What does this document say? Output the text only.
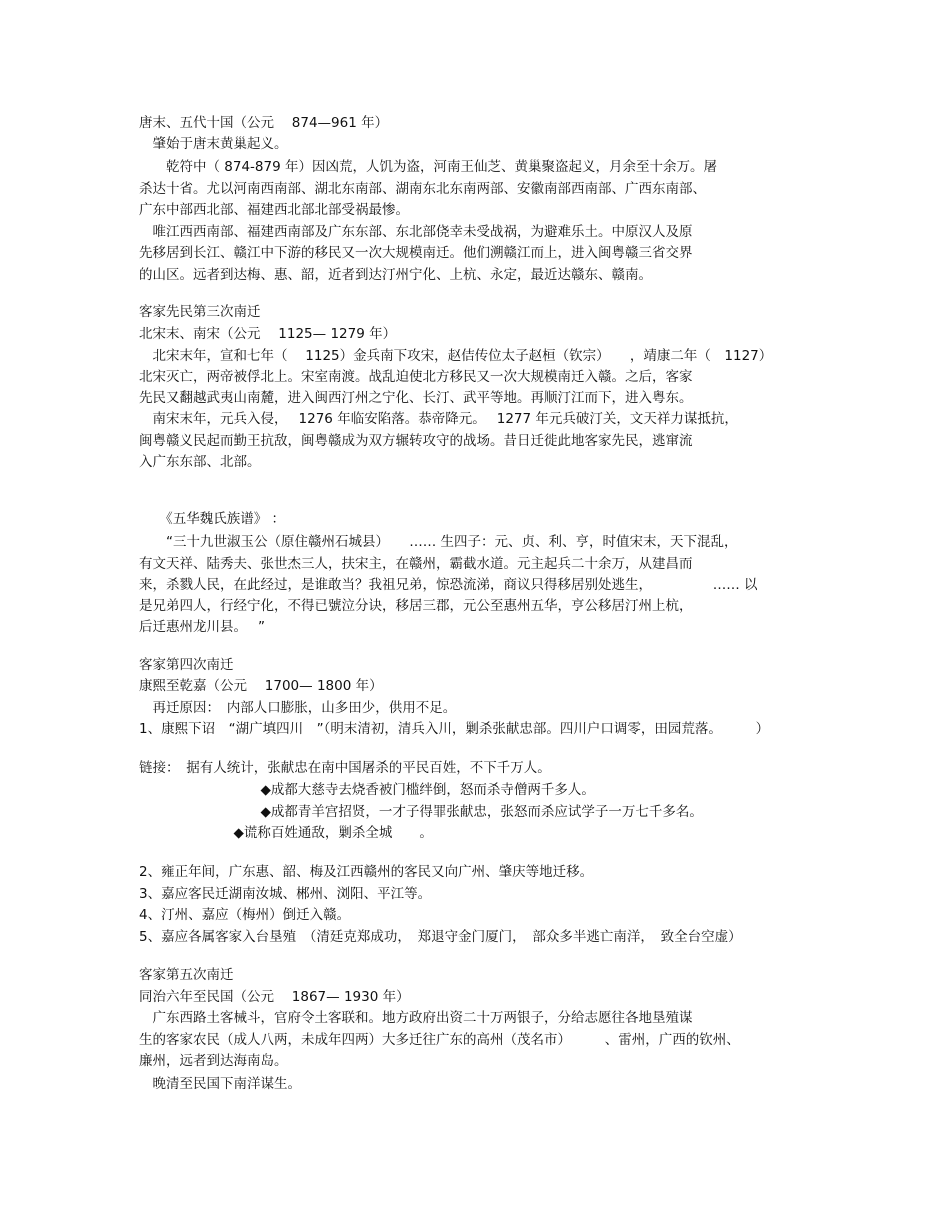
唐末、五代十国（公元　 874—961 年）
　肇始于唐末黄巢起义。
　　乾符中（ 874-879 年）因凶荒，人饥为盗，河南王仙芝、黄巢聚盗起义，月余至十余万。屠
杀达十省。尤以河南西南部、湖北东南部、湖南东北东南两部、安徽南部西南部、广西东南部、
广东中部西北部、福建西北部北部受祸最惨。
　唯江西西南部、福建西南部及广东东部、东北部侥幸未受战祸，为避难乐土。中原汉人及原
先移居到长江、赣江中下游的移民又一次大规模南迁。他们溯赣江而上，进入闽粤赣三省交界
的山区。远者到达梅、惠、韶，近者到达汀州宁化、上杭、永定，最近达赣东、赣南。
客家先民第三次南迁
北宋末、南宋（公元　 1125— 1279 年）
　北宋末年，宣和七年（　 1125）金兵南下攻宋，赵佶传位太子赵桓（钦宗）　　，靖康二年（　1127）
北宋灭亡，两帝被俘北上。宋室南渡。战乱迫使北方移民又一次大规模南迁入赣。之后，客家
先民又翻越武夷山南麓，进入闽西汀州之宁化、长汀、武平等地。再顺汀江而下，进入粤东。
　南宋末年，元兵入侵，　 1276 年临安陷落。恭帝降元。　 1277 年元兵破汀关，文天祥力谋抵抗，
闽粤赣义民起而勤王抗敌，闽粤赣成为双方辗转攻守的战场。昔日迁徙此地客家先民，逃窜流
入广东东部、北部。
　　《五华魏氏族谱》 ：
　　“三十九世淑玉公（原住赣州石城县）　　…… 生四子：元、贞、利、亨，时值宋末，天下混乱，
有文天祥、陆秀夫、张世杰三人，扶宋主，在赣州，霸截水道。元主起兵二十余万，从建昌而
来，杀戮人民，在此经过，是谁敢当？我祖兄弟，惊恐流涕，商议只得移居别处逃生，　　　　　…… 以
是兄弟四人，行经宁化，不得已號泣分诀，移居三郡，元公至惠州五华，亨公移居汀州上杭，
后迁惠州龙川县。　 ”
客家第四次南迁
康熙至乾嘉（公元　 1700— 1800 年）
　再迁原因：　内部人口膨胀，山多田少，供用不足。
1、康熙下诏　“湖广填四川　”（明末清初，清兵入川，剿杀张献忠部。四川户口调零，田园荒落。　　　）
链接：　据有人统计，张献忠在南中国屠杀的平民百姓，不下千万人。
　　　　　　　　　◆成都大慈寺去烧香被门槛绊倒，怒而杀寺僧两千多人。
　　　　　　　　　◆成都青羊宫招贤，一才子得罪张献忠，张怒而杀应试学子一万七千多名。
　　　　　　　◆谎称百姓通敌，剿杀全城　　。
2、雍正年间，广东惠、韶、梅及江西赣州的客民又向广州、肇庆等地迁移。
3、嘉应客民迁湖南汝城、郴州、浏阳、平江等。
4、汀州、嘉应（梅州）倒迁入赣。
5、嘉应各属客家入台垦殖　（清廷克郑成功，　郑退守金门厦门，　部众多半逃亡南洋，　致全台空虚）
客家第五次南迁
同治六年至民国（公元　 1867— 1930 年）
　广东西路土客械斗，官府令土客联和。地方政府出资二十万两银子，分给志愿往各地垦殖谋
生的客家农民（成人八两，未成年四两）大多迁往广东的高州（茂名市）　　　、雷州，广西的钦州、
廉州，远者到达海南岛。
　晚清至民国下南洋谋生。
